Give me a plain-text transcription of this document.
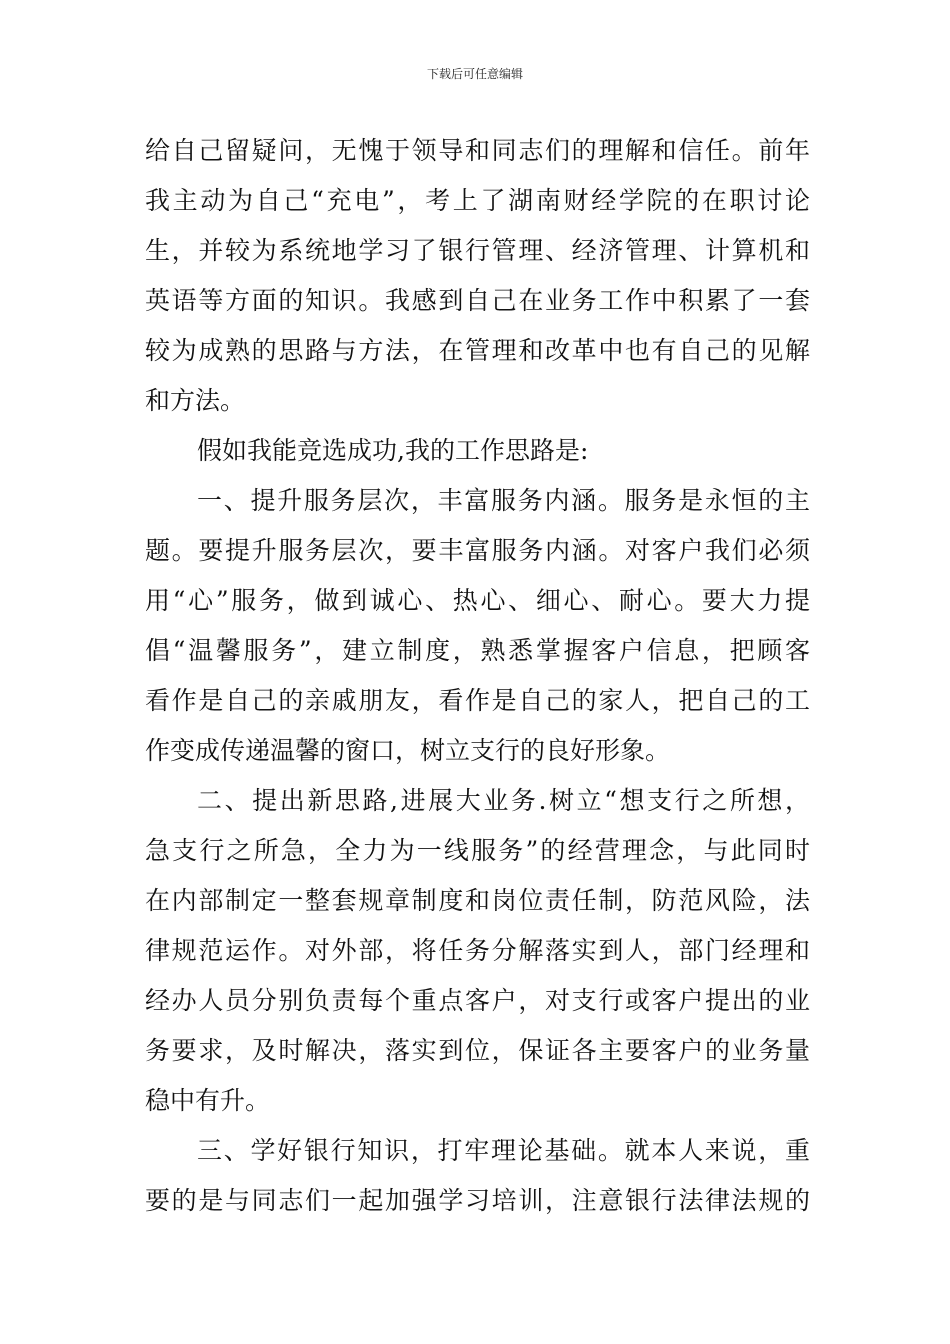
下载后可任意编辑
给自己留疑问，无愧于领导和同志们的理解和信任。前年
我主动为自己“充电”，考上了湖南财经学院的在职讨论
生，并较为系统地学习了银行管理、经济管理、计算机和
英语等方面的知识。我感到自己在业务工作中积累了一套
较为成熟的思路与方法，在管理和改革中也有自己的见解
和方法。
假如我能竞选成功,我的工作思路是:
一、提升服务层次，丰富服务内涵。服务是永恒的主
题。要提升服务层次，要丰富服务内涵。对客户我们必须
用“心”服务，做到诚心、热心、细心、耐心。要大力提
倡“温馨服务”，建立制度，熟悉掌握客户信息，把顾客
看作是自己的亲戚朋友，看作是自己的家人，把自己的工
作变成传递温馨的窗口，树立支行的良好形象。
二、提出新思路,进展大业务.树立“想支行之所想，
急支行之所急，全力为一线服务”的经营理念，与此同时
在内部制定一整套规章制度和岗位责任制，防范风险，法
律规范运作。对外部，将任务分解落实到人，部门经理和
经办人员分别负责每个重点客户，对支行或客户提出的业
务要求，及时解决，落实到位，保证各主要客户的业务量
稳中有升。
三、学好银行知识，打牢理论基础。就本人来说，重
要的是与同志们一起加强学习培训，注意银行法律法规的
